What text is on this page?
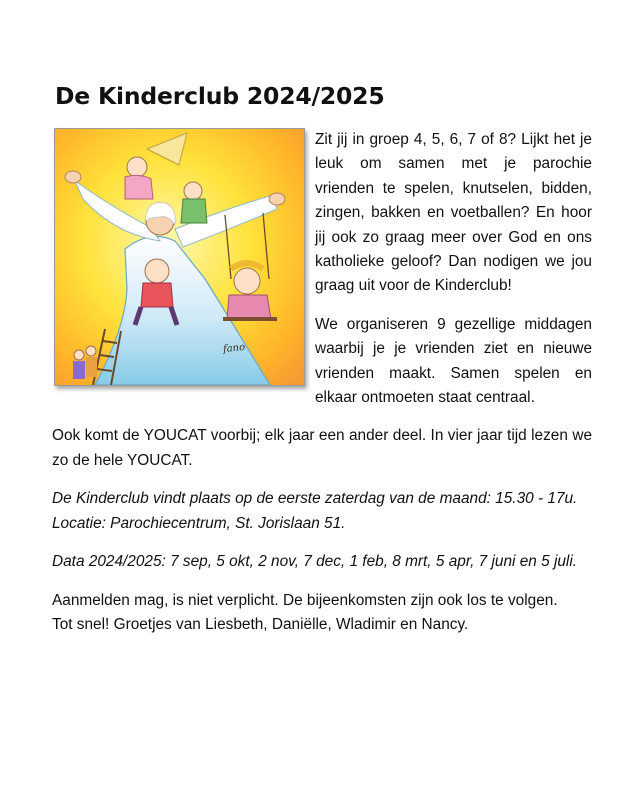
De Kinderclub 2024/2025
fano

Zit jij in groep 4, 5, 6, 7 of 8? Lijkt het je leuk om samen met je parochie vrienden te spelen, knutselen, bidden, zingen, bakken en voetballen? En hoor jij ook zo graag meer over God en ons katholieke geloof? Dan nodigen we jou graag uit voor de Kinderclub!

We organiseren 9 gezellige middagen waarbij je je vrienden ziet en nieuwe vrienden maakt. Samen spelen en elkaar ontmoeten staat centraal.

Ook komt de YOUCAT voorbij; elk jaar een ander deel. In vier jaar tijd lezen we zo de hele YOUCAT.

De Kinderclub vindt plaats op de eerste zaterdag van de maand: 15.30 - 17u. Locatie: Parochiecentrum, St. Jorislaan 51.

Data 2024/2025: 7 sep, 5 okt, 2 nov, 7 dec, 1 feb, 8 mrt, 5 apr, 7 juni en 5 juli.

Aanmelden mag, is niet verplicht. De bijeenkomsten zijn ook los te volgen.

Tot snel! Groetjes van Liesbeth, Daniëlle, Wladimir en Nancy.
